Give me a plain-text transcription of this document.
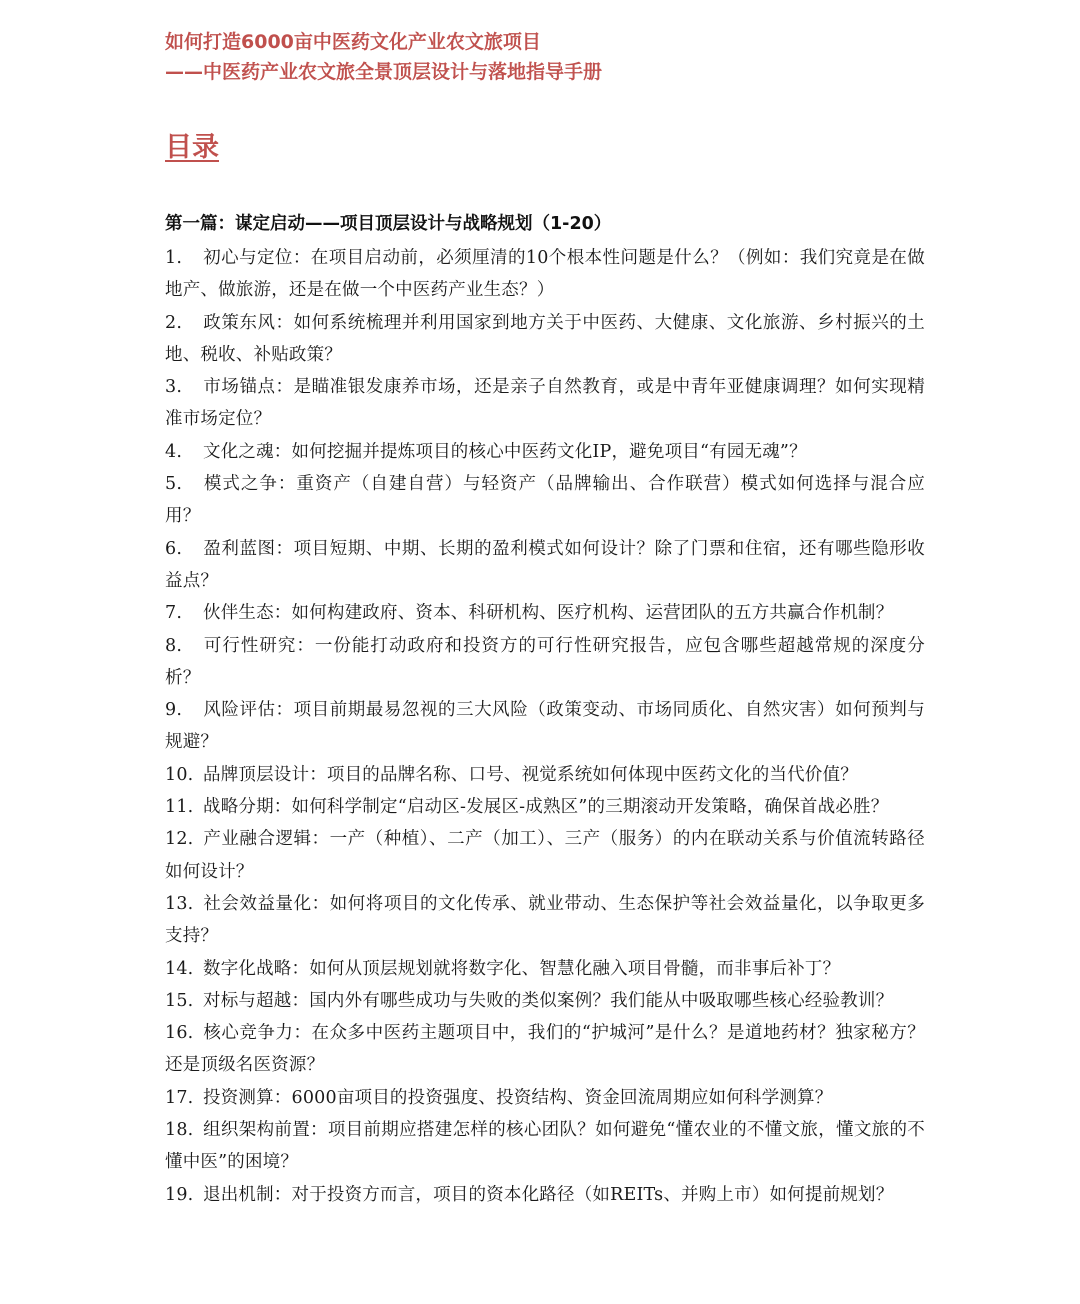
如何打造6000亩中医药文化产业农文旅项目
——中医药产业农文旅全景顶层设计与落地指导手册
目录
第一篇：谋定启动——项目顶层设计与战略规划（1-20）
1. 初心与定位：在项目启动前，必须厘清的10个根本性问题是什么？（例如：我们究竟是在做地产、做旅游，还是在做一个中医药产业生态？）
2. 政策东风：如何系统梳理并利用国家到地方关于中医药、大健康、文化旅游、乡村振兴的土地、税收、补贴政策？
3. 市场锚点：是瞄准银发康养市场，还是亲子自然教育，或是中青年亚健康调理？如何实现精准市场定位？
4. 文化之魂：如何挖掘并提炼项目的核心中医药文化IP，避免项目“有园无魂”？
5. 模式之争：重资产（自建自营）与轻资产（品牌输出、合作联营）模式如何选择与混合应用？
6. 盈利蓝图：项目短期、中期、长期的盈利模式如何设计？除了门票和住宿，还有哪些隐形收益点？
7. 伙伴生态：如何构建政府、资本、科研机构、医疗机构、运营团队的五方共赢合作机制？
8. 可行性研究：一份能打动政府和投资方的可行性研究报告，应包含哪些超越常规的深度分析？
9. 风险评估：项目前期最易忽视的三大风险（政策变动、市场同质化、自然灾害）如何预判与规避？
10. 品牌顶层设计：项目的品牌名称、口号、视觉系统如何体现中医药文化的当代价值？
11. 战略分期：如何科学制定“启动区-发展区-成熟区”的三期滚动开发策略，确保首战必胜？
12. 产业融合逻辑：一产（种植）、二产（加工）、三产（服务）的内在联动关系与价值流转路径如何设计？
13. 社会效益量化：如何将项目的文化传承、就业带动、生态保护等社会效益量化，以争取更多支持？
14. 数字化战略：如何从顶层规划就将数字化、智慧化融入项目骨髓，而非事后补丁？
15. 对标与超越：国内外有哪些成功与失败的类似案例？我们能从中吸取哪些核心经验教训？
16. 核心竞争力：在众多中医药主题项目中，我们的“护城河”是什么？是道地药材？独家秘方？还是顶级名医资源？
17. 投资测算：6000亩项目的投资强度、投资结构、资金回流周期应如何科学测算？
18. 组织架构前置：项目前期应搭建怎样的核心团队？如何避免“懂农业的不懂文旅，懂文旅的不懂中医”的困境？
19. 退出机制：对于投资方而言，项目的资本化路径（如REITs、并购上市）如何提前规划？
